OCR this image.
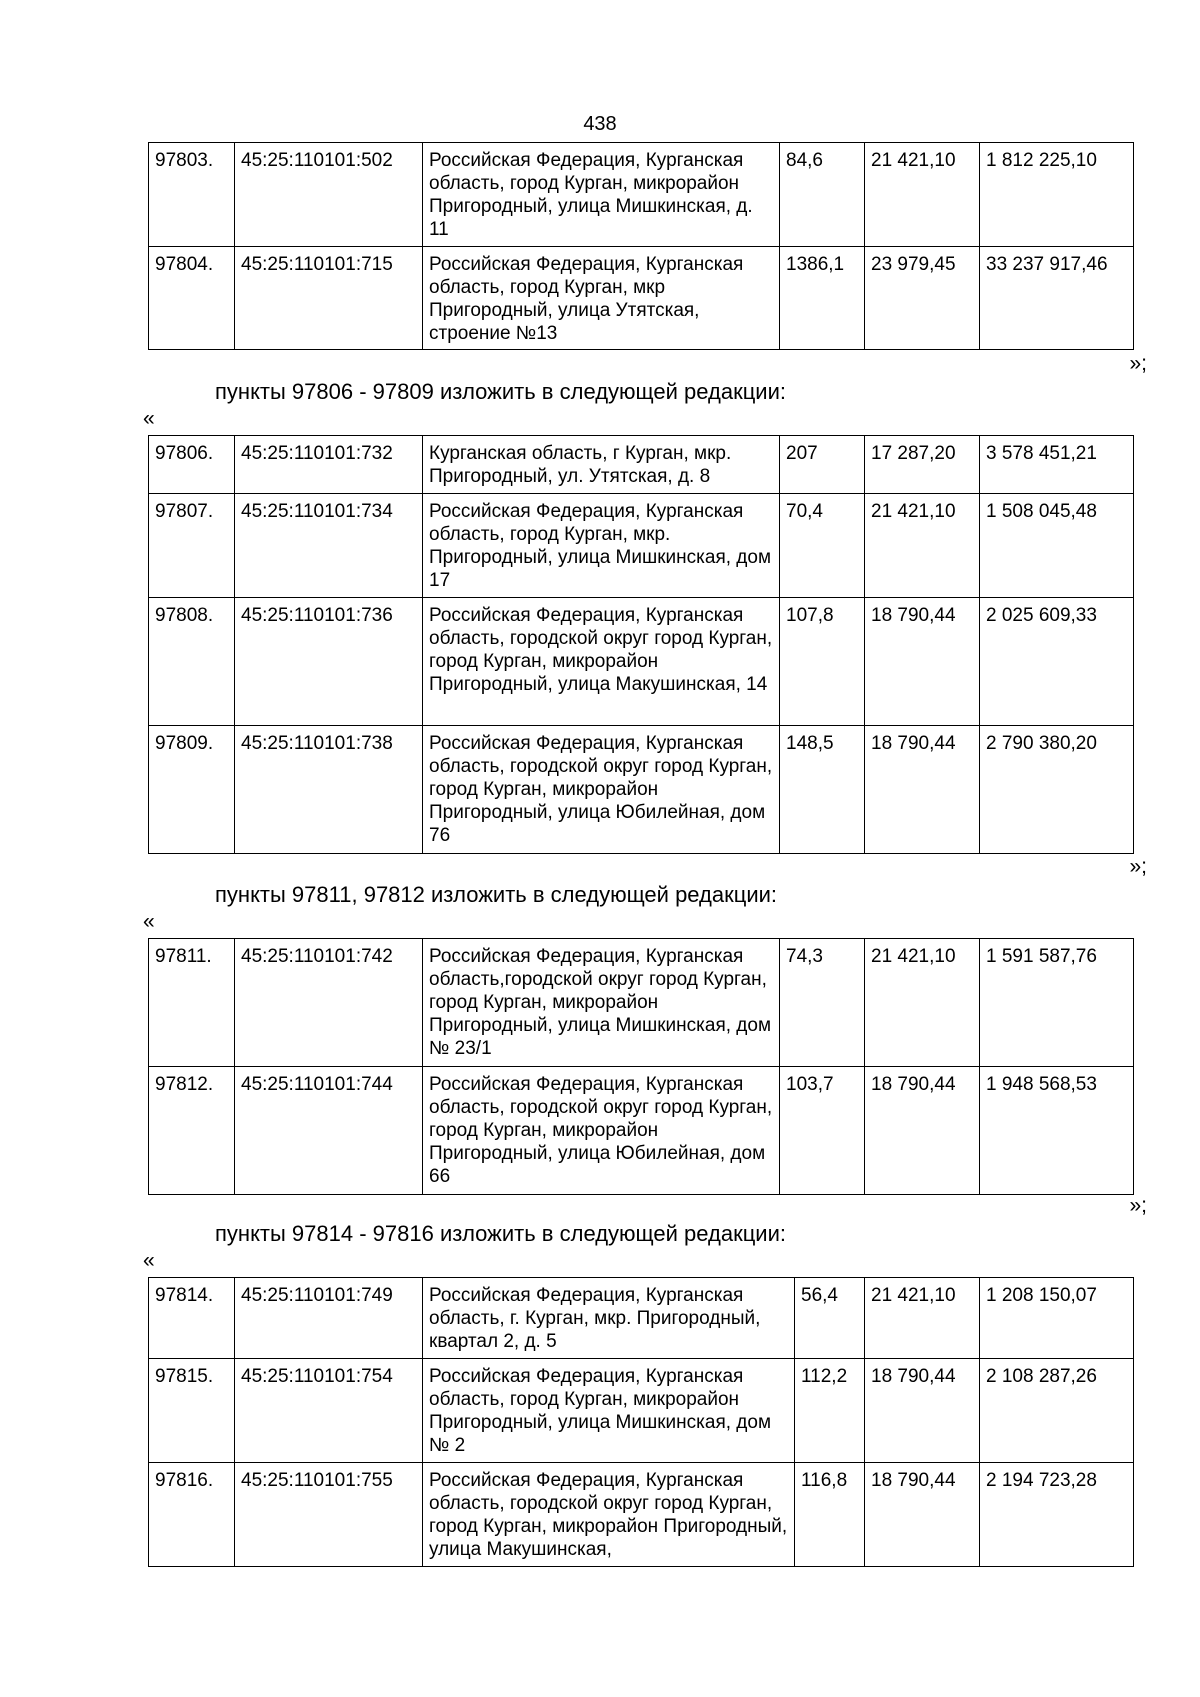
438
97803.	45:25:110101:502	Российская Федерация, Курганская область, город Курган, микрорайон Пригородный, улица Мишкинская, д. 11	84,6	21 421,10	1 812 225,10
97804.	45:25:110101:715	Российская Федерация, Курганская область, город Курган, мкр Пригородный, улица Утятская, строение №13	1386,1	23 979,45	33 237 917,46
»;
пункты 97806 - 97809 изложить в следующей редакции:
«
97806.	45:25:110101:732	Курганская область, г Курган, мкр. Пригородный, ул. Утятская, д. 8	207	17 287,20	3 578 451,21
97807.	45:25:110101:734	Российская Федерация, Курганская область, город Курган, мкр. Пригородный, улица Мишкинская, дом 17	70,4	21 421,10	1 508 045,48
97808.	45:25:110101:736	Российская Федерация, Курганская область, городской округ город Курган, город Курган, микрорайон Пригородный, улица Макушинская, 14	107,8	18 790,44	2 025 609,33
97809.	45:25:110101:738	Российская Федерация, Курганская область, городской округ город Курган, город Курган, микрорайон Пригородный, улица Юбилейная, дом 76	148,5	18 790,44	2 790 380,20
»;
пункты 97811, 97812 изложить в следующей редакции:
«
97811.	45:25:110101:742	Российская Федерация, Курганская область,городской округ город Курган, город Курган, микрорайон Пригородный, улица Мишкинская, дом № 23/1	74,3	21 421,10	1 591 587,76
97812.	45:25:110101:744	Российская Федерация, Курганская область, городской округ город Курган, город Курган, микрорайон Пригородный, улица Юбилейная, дом 66	103,7	18 790,44	1 948 568,53
»;
пункты 97814 - 97816 изложить в следующей редакции:
«
97814.	45:25:110101:749	Российская Федерация, Курганская область, г. Курган, мкр. Пригородный, квартал 2, д. 5	56,4	21 421,10	1 208 150,07
97815.	45:25:110101:754	Российская Федерация, Курганская область, город Курган, микрорайон Пригородный, улица Мишкинская, дом № 2	112,2	18 790,44	2 108 287,26
97816.	45:25:110101:755	Российская Федерация, Курганская область, городской округ город Курган, город Курган, микрорайон Пригородный, улица Макушинская,	116,8	18 790,44	2 194 723,28
